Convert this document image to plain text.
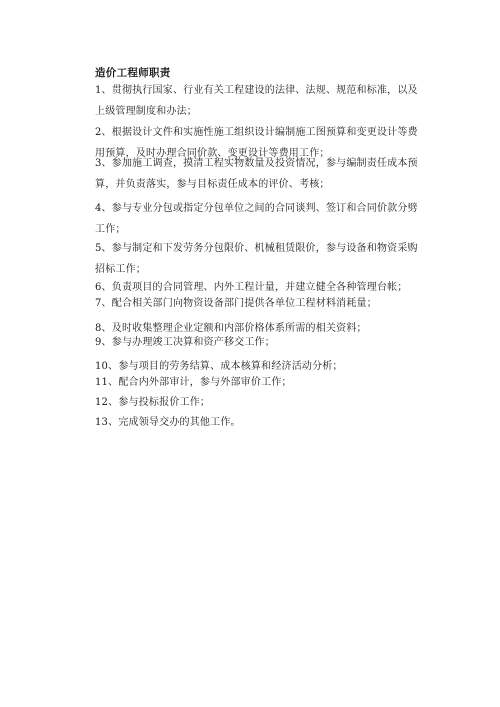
造价工程师职责
1、贯彻执行国家、行业有关工程建设的法律、法规、规范和标准，以及上级管理制度和办法；
2、根据设计文件和实施性施工组织设计编制施工图预算和变更设计等费用预算，及时办理合同价款、变更设计等费用工作；
3、参加施工调查，摸清工程实物数量及投资情况，参与编制责任成本预算，并负责落实，参与目标责任成本的评价、考核；
4、参与专业分包或指定分包单位之间的合同谈判、签订和合同价款分劈工作；
5、参与制定和下发劳务分包限价、机械租赁限价，参与设备和物资采购招标工作；
6、负责项目的合同管理、内外工程计量，并建立健全各种管理台帐；
7、配合相关部门向物资设备部门提供各单位工程材料消耗量；
8、及时收集整理企业定额和内部价格体系所需的相关资料；
9、参与办理竣工决算和资产移交工作；
10、参与项目的劳务结算、成本核算和经济活动分析；
11、配合内外部审计，参与外部审价工作；
12、参与投标报价工作；
13、完成领导交办的其他工作。
